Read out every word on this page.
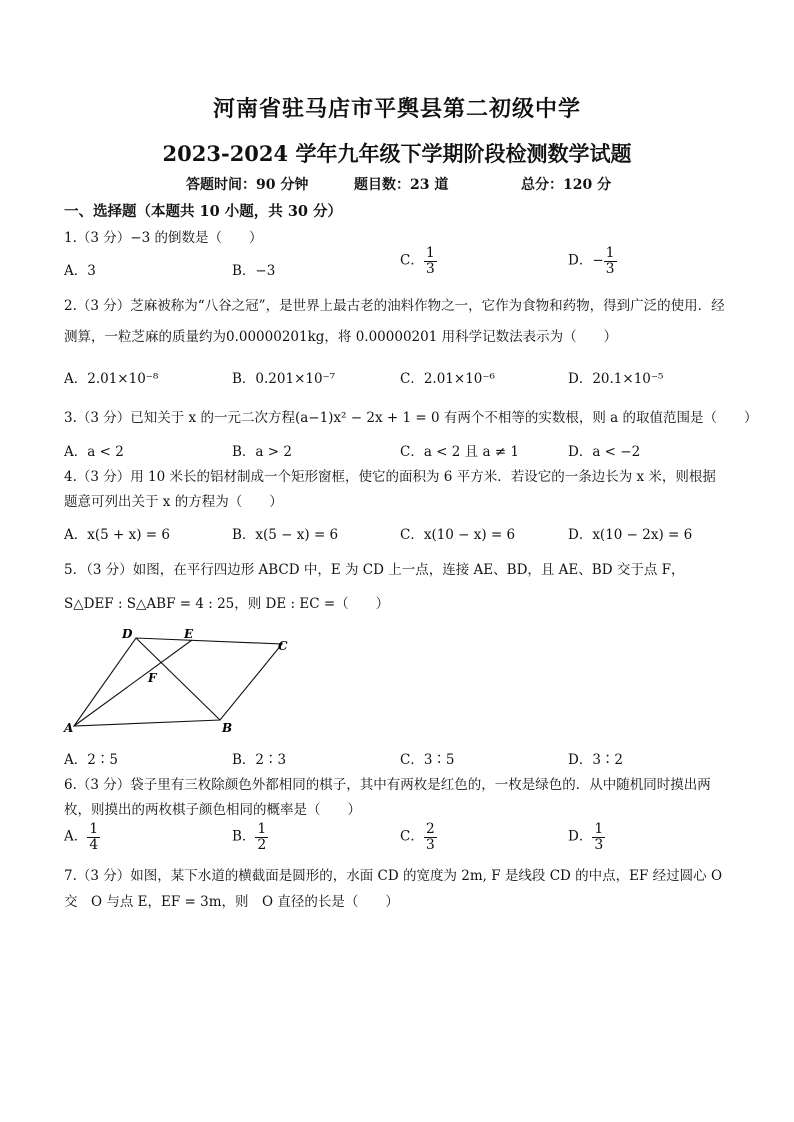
河南省驻马店市平舆县第二初级中学
2023-2024 学年九年级下学期阶段检测数学试题
答题时间：90 分钟	题目数：23 道	总分：120 分
一、选择题（本题共 10 小题，共 30 分）
1.（3 分）−3 的倒数是（　　）
A．3	B．−3
C． $\frac{1}{3}$	D．− $\frac{1}{3}$
2.（3 分）芝麻被称为“八谷之冠”，是世界上最古老的油料作物之一，它作为食物和药物，得到广泛的使用．经
测算，一粒芝麻的质量约为0.00000201kg，将 0.00000201 用科学记数法表示为（　　）
A．2.01×10⁻⁸	B．0.201×10⁻⁷	C．2.01×10⁻⁶	D．20.1×10⁻⁵
3.（3 分）已知关于 x 的一元二次方程(a−1)x² − 2x + 1 = 0 有两个不相等的实数根，则 a 的取值范围是（　　）
A．a < 2	B．a > 2	C．a < 2 且 a ≠ 1	D．a < −2
4.（3 分）用 10 米长的铝材制成一个矩形窗框，使它的面积为 6 平方米．若设它的一条边长为 x 米，则根据
题意可列出关于 x 的方程为（　　）
A．x(5 + x) = 6	B．x(5 − x) = 6	C．x(10 − x) = 6	D．x(10 − 2x) = 6
5．（3 分）如图，在平行四边形 ABCD 中，E 为 CD 上一点，连接 AE、BD，且 AE、BD 交于点 F，
S△DEF : S△ABF = 4 : 25，则 DE : EC =（　　）
A	B
C
D	E
F
A．2∶5	B．2∶3	C．3∶5	D．3∶2
6.（3 分）袋子里有三枚除颜色外都相同的棋子，其中有两枚是红色的，一枚是绿色的．从中随机同时摸出两
枚，则摸出的两枚棋子颜色相同的概率是（　　）
A． $\frac{1}{4}$	B． $\frac{1}{2}$	C． $\frac{2}{3}$	D． $\frac{1}{3}$
7.（3 分）如图，某下水道的横截面是圆形的，水面 CD 的宽度为 2m, F 是线段 CD 的中点，EF 经过圆心 O
交　O 与点 E，EF = 3m，则　O 直径的长是（　　）
